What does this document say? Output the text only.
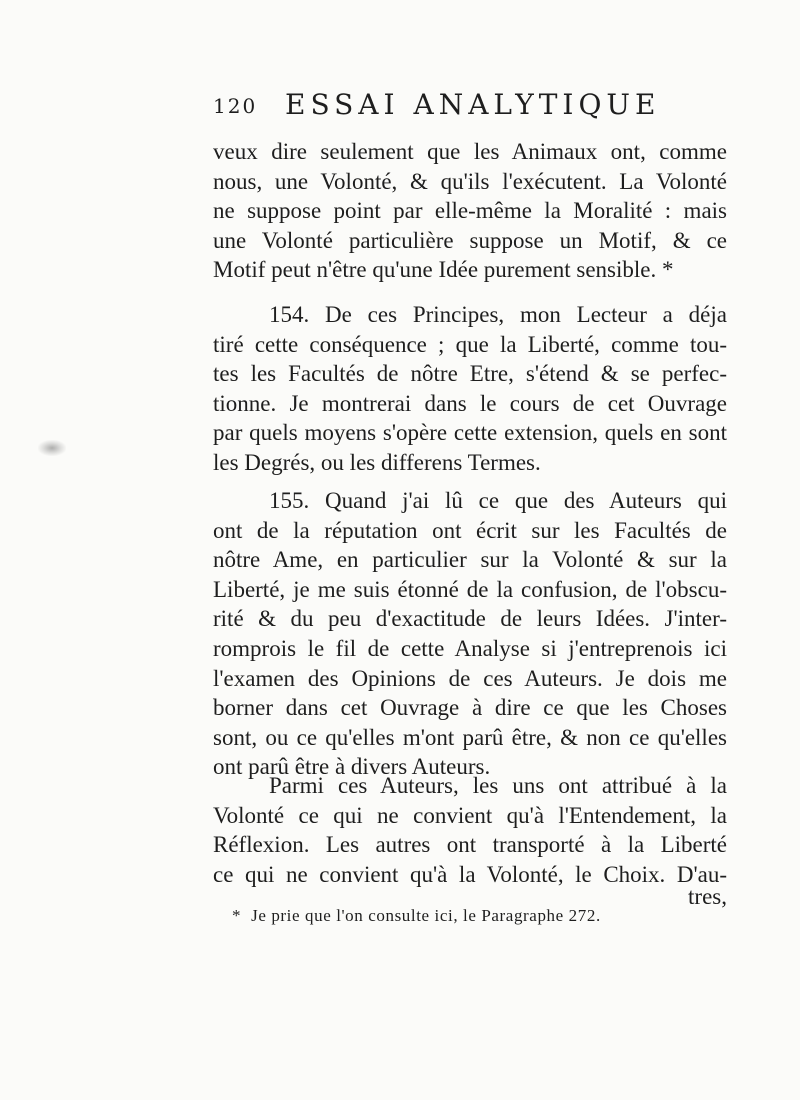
120 ESSAI ANALYTIQUE
veux dire seulement que les Animaux ont, comme
nous, une Volonté, & qu'ils l'exécutent. La Volonté
ne suppose point par elle-même la Moralité : mais
une Volonté particulière suppose un Motif, & ce
Motif peut n'être qu'une Idée purement sensible. *
154. De ces Principes, mon Lecteur a déja
tiré cette conséquence ; que la Liberté, comme tou-
tes les Facultés de nôtre Etre, s'étend & se perfec-
tionne. Je montrerai dans le cours de cet Ouvrage
par quels moyens s'opère cette extension, quels en sont
les Degrés, ou les differens Termes.
155. Quand j'ai lû ce que des Auteurs qui
ont de la réputation ont écrit sur les Facultés de
nôtre Ame, en particulier sur la Volonté & sur la
Liberté, je me suis étonné de la confusion, de l'obscu-
rité & du peu d'exactitude de leurs Idées. J'inter-
romprois le fil de cette Analyse si j'entreprenois ici
l'examen des Opinions de ces Auteurs. Je dois me
borner dans cet Ouvrage à dire ce que les Choses
sont, ou ce qu'elles m'ont parû être, & non ce qu'elles
ont parû être à divers Auteurs.
Parmi ces Auteurs, les uns ont attribué à la
Volonté ce qui ne convient qu'à l'Entendement, la
Réflexion. Les autres ont transporté à la Liberté
ce qui ne convient qu'à la Volonté, le Choix. D'au-
tres,
* Je prie que l'on consulte ici, le Paragraphe 272.
